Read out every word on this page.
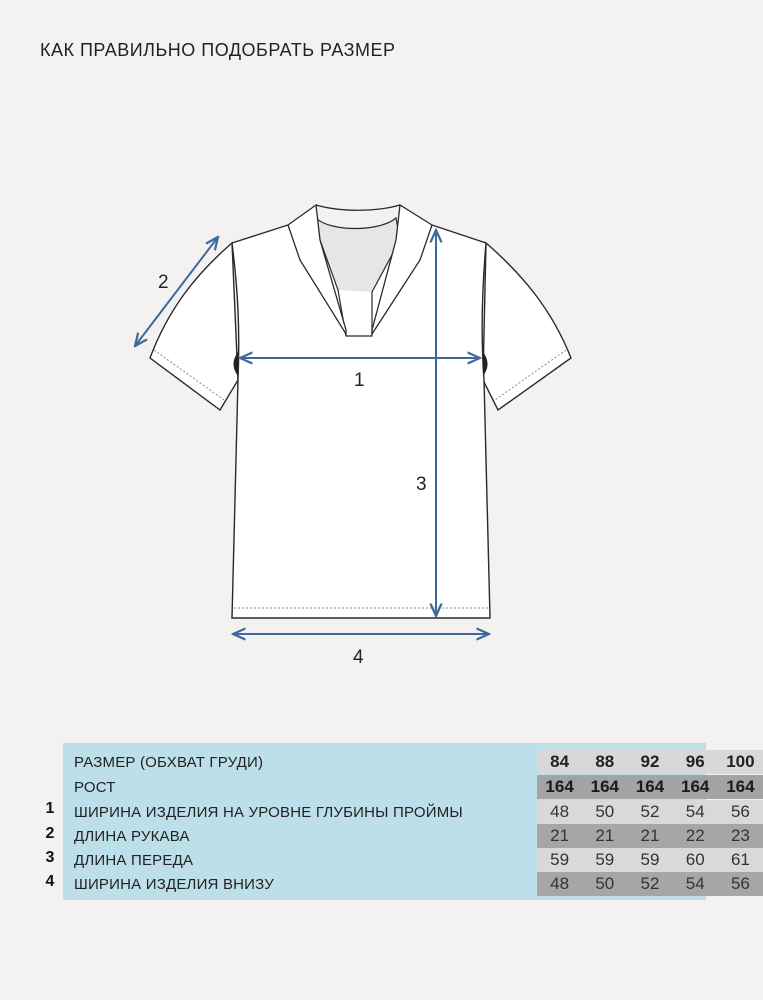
КАК ПРАВИЛЬНО ПОДОБРАТЬ РАЗМЕР
1
2
3
4
1
2
3
4
РАЗМЕР (ОБХВАТ ГРУДИ)	84	88	92	96	100
РОСТ	164 164 164 164 164
ШИРИНА ИЗДЕЛИЯ НА УРОВНЕ ГЛУБИНЫ ПРОЙМЫ	48	50	52	54	56
ДЛИНА РУКАВА	21	21	21	22	23
ДЛИНА ПЕРЕДА	59	59	59	60	61
ШИРИНА ИЗДЕЛИЯ ВНИЗУ	48	50	52	54	56
